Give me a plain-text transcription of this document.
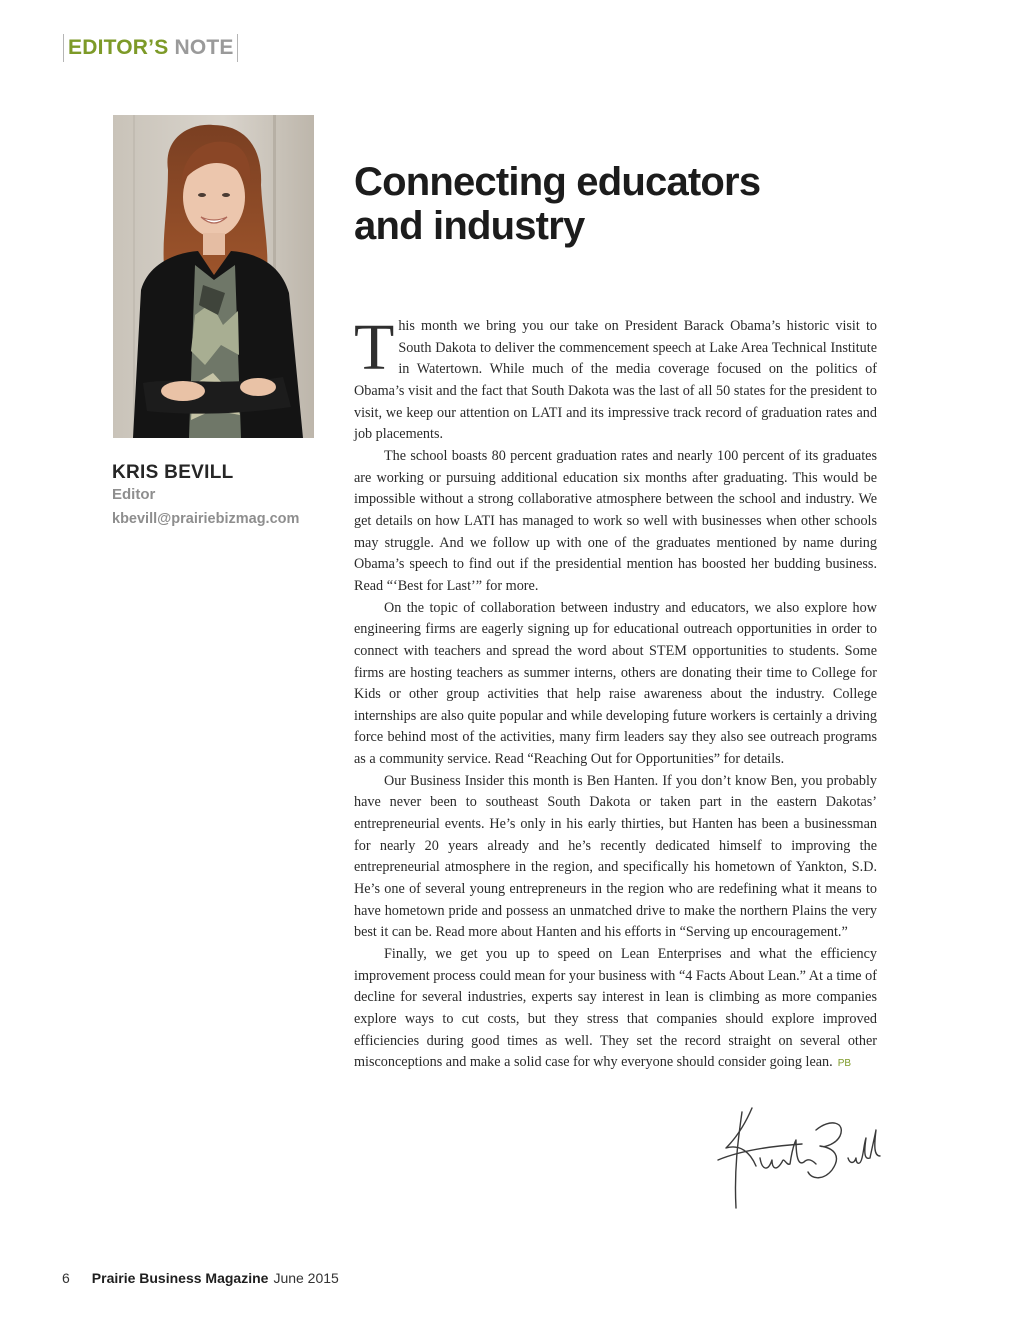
EDITOR’S NOTE
KRIS BEVILL
Editor
kbevill@prairiebizmag.com
Connecting educators
and industry

This month we bring you our take on President Barack Obama’s historic visit to South Dakota to deliver the commencement speech at Lake Area Technical Institute in Watertown. While much of the media coverage focused on the politics of Obama’s visit and the fact that South Dakota was the last of all 50 states for the president to visit, we keep our attention on LATI and its impressive track record of graduation rates and job placements.

The school boasts 80 percent graduation rates and nearly 100 percent of its graduates are working or pursuing additional education six months after graduating. This would be impossible without a strong collaborative atmosphere between the school and industry. We get details on how LATI has managed to work so well with businesses when other schools may struggle. And we follow up with one of the graduates mentioned by name during Obama’s speech to find out if the presidential mention has boosted her budding business. Read “‘Best for Last’” for more.

On the topic of collaboration between industry and educators, we also explore how engineering firms are eagerly signing up for educational outreach opportunities in order to connect with teachers and spread the word about STEM opportunities to students. Some firms are hosting teachers as summer interns, others are donating their time to College for Kids or other group activities that help raise awareness about the industry. College internships are also quite popular and while developing future workers is certainly a driving force behind most of the activities, many firm leaders say they also see outreach programs as a community service. Read “Reaching Out for Opportunities” for details.

Our Business Insider this month is Ben Hanten. If you don’t know Ben, you probably have never been to southeast South Dakota or taken part in the eastern Dakotas’ entrepreneurial events. He’s only in his early thirties, but Hanten has been a businessman for nearly 20 years already and he’s recently dedicated himself to improving the entrepreneurial atmosphere in the region, and specifically his hometown of Yankton, S.D. He’s one of several young entrepreneurs in the region who are redefining what it means to have hometown pride and possess an unmatched drive to make the northern Plains the very best it can be. Read more about Hanten and his efforts in “Serving up encouragement.”

Finally, we get you up to speed on Lean Enterprises and what the efficiency improvement process could mean for your business with “4 Facts About Lean.” At a time of decline for several industries, experts say interest in lean is climbing as more companies explore ways to cut costs, but they stress that companies should explore improved efficiencies during good times as well. They set the record straight on several other misconceptions and make a solid case for why everyone should consider going lean. PB

6 Prairie Business Magazine June 2015
